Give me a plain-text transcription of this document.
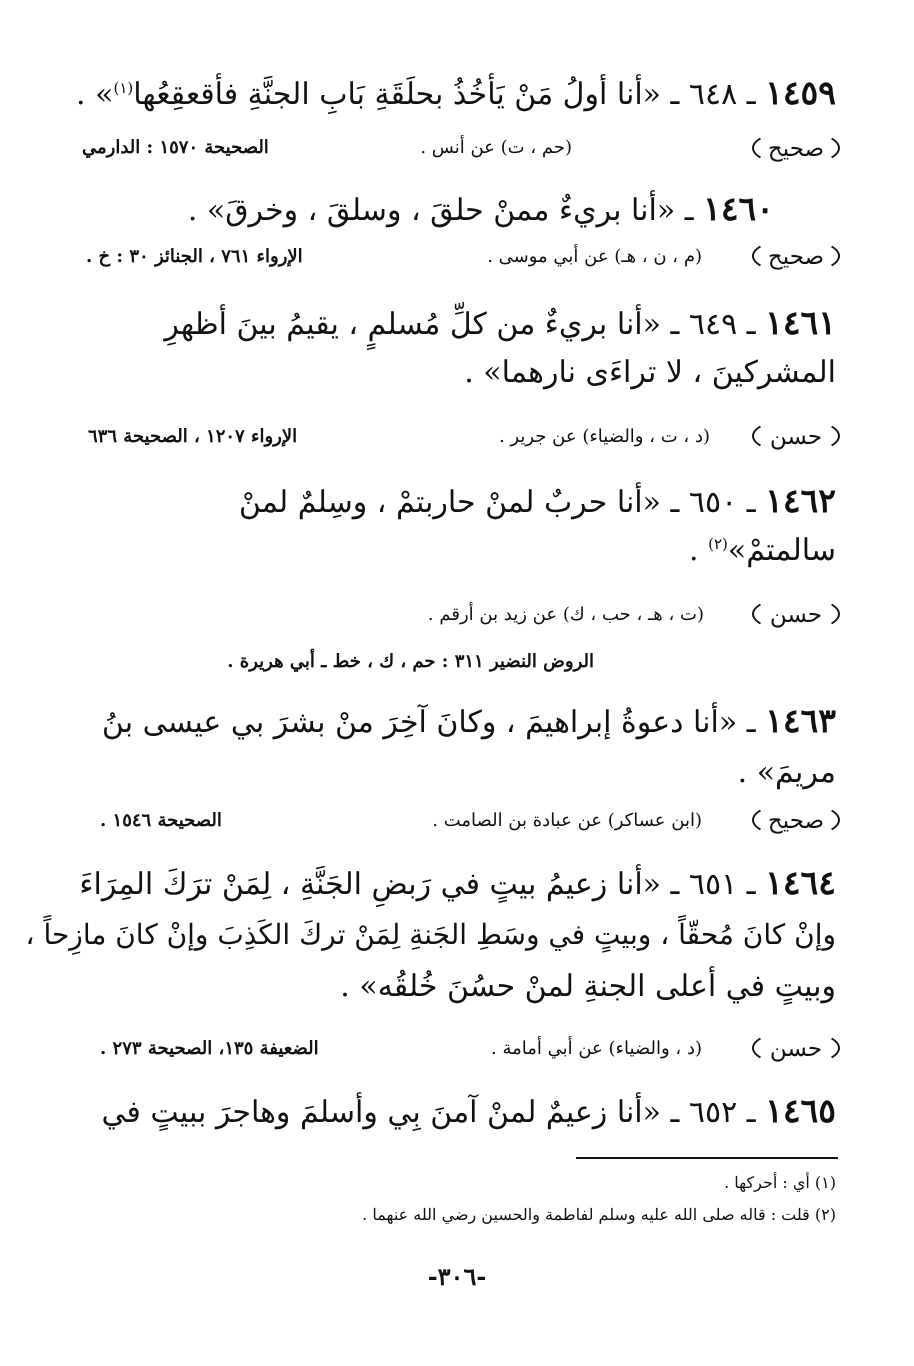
١٤٥٩ ـ ٦٤٨ ـ «أنا أولُ مَنْ يَأخُذُ بحلَقَةِ بَابِ الجنَّةِ فأقعقِعُها$^{(١)}$» .
صحيح
(حم ، ت) عن أنس .
الصحيحة ١٥٧٠ : الدارمي
١٤٦٠ ـ «أنا بريءٌ ممنْ حلقَ ، وسلقَ ، وخرقَ» .
صحيح
(م ، ن ، هـ) عن أبي موسى .
الإرواء ٧٦١ ، الجنائز ٣٠ : خ .
١٤٦١ ـ ٦٤٩ ـ «أنا بريءٌ من كلِّ مُسلمٍ ، يقيمُ بينَ أظهرِ
المشركينَ ، لا تراءَى نارهما» .
حسن
(د ، ت ، والضياء) عن جرير .
الإرواء ١٢٠٧ ، الصحيحة ٦٣٦
١٤٦٢ ـ ٦٥٠ ـ «أنا حربٌ لمنْ حاربتمْ ، وسِلمٌ لمنْ
سالمتمْ»$^{(٢)}$ .
حسن
(ت ، هـ ، حب ، ك) عن زيد بن أرقم .
الروض النضير ٣١١ : حم ، ك ، خط ـ أبي هريرة .
١٤٦٣ ـ «أنا دعوةُ إبراهيمَ ، وكانَ آخِرَ منْ بشرَ بي عيسى بنُ
مريمَ» .
صحيح
(ابن عساكر) عن عبادة بن الصامت .
الصحيحة ١٥٤٦ .
١٤٦٤ ـ ٦٥١ ـ «أنا زعيمُ بيتٍ في رَبضِ الجَنَّةِ ، لِمَنْ ترَكَ المِرَاءَ
وإنْ كانَ مُحقّاً ، وبيتٍ في وسَطِ الجَنةِ لِمَنْ تركَ الكَذِبَ وإنْ كانَ مازِحاً ،
وبيتٍ في أعلى الجنةِ لمنْ حسُنَ خُلقُه» .
حسن
(د ، والضياء) عن أبي أمامة .
الضعيفة ١٣٥، الصحيحة ٢٧٣ .
١٤٦٥ ـ ٦٥٢ ـ «أنا زعيمٌ لمنْ آمنَ بِي وأسلمَ وهاجرَ ببيتٍ في
(١) أي : أحركها .
(٢) قلت : قاله صلى الله عليه وسلم لفاطمة والحسين رضي الله عنهما .
-٣٠٦-
